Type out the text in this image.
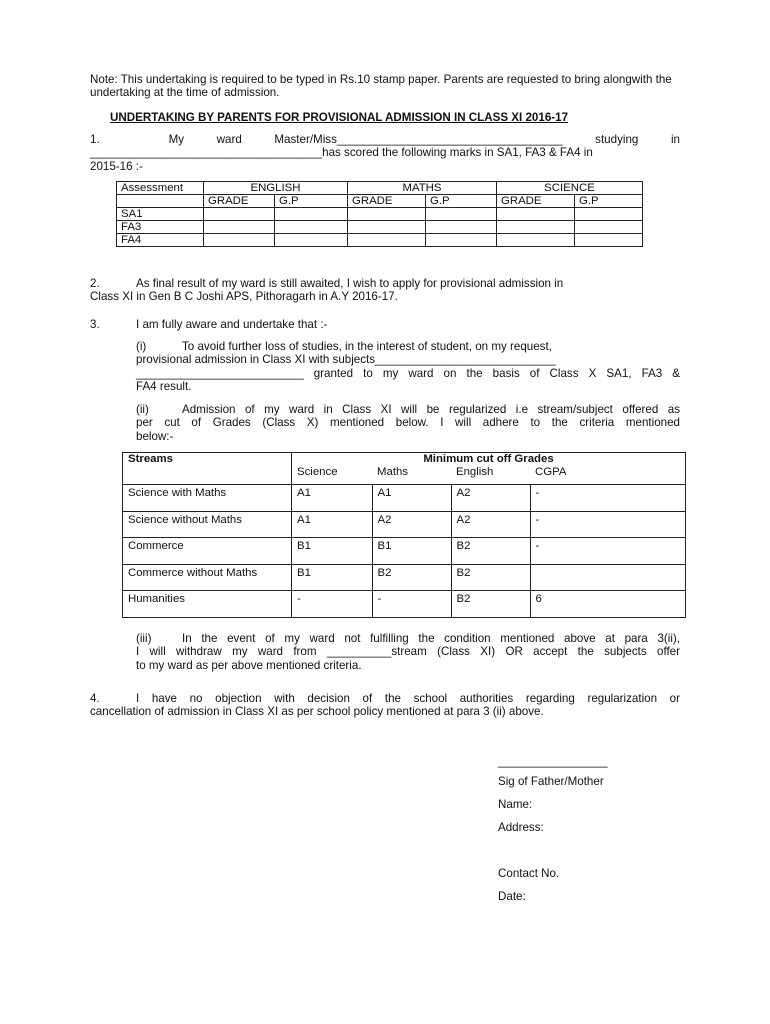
Note: This undertaking is required to be typed in Rs.10 stamp paper. Parents are requested to bring alongwith the undertaking at the time of admission.
UNDERTAKING BY PARENTS FOR PROVISIONAL ADMISSION IN CLASS XI 2016-17
1.	My	ward	Master/Miss___________________________________	studying	in
____________________________________has scored the following marks in SA1, FA3 & FA4 in
2015-16 :-
Assessment	ENGLISH		MATHS		SCIENCE	
	GRADE	G.P	GRADE	G.P	GRADE	G.P
SA1						
FA3						
FA4						
2.	As final result of my ward is still awaited, I wish to apply for provisional admission in
Class XI in Gen B C Joshi APS, Pithoragarh in A.Y 2016-17.
3.	I am fully aware and undertake that :-
(i)	To avoid further loss of studies, in the interest of student, on my request,
provisional admission in Class XI with subjects____________________________
__________________________ granted to my ward on the basis of Class X SA1, FA3 &
FA4 result.
(ii)	Admission of my ward in Class XI will be regularized i.e stream/subject offered as
per cut of Grades (Class X) mentioned below. I will adhere to the criteria mentioned
below:-
Streams	Minimum cut off Grades			
	Science	Maths	English	CGPA
Science with Maths	A1	A1	A2	-
Science without Maths	A1	A2	A2	-
Commerce	B1	B1	B2	-
Commerce without Maths	B1	B2	B2	
Humanities	-	-	B2	6
(iii)	In the event of my ward not fulfilling the condition mentioned above at para 3(ii),
I will withdraw my ward from __________stream (Class XI) OR accept the subjects offer
to my ward as per above mentioned criteria.
4.	I have no objection with decision of the school authorities regarding regularization or
cancellation of admission in Class XI as per school policy mentioned at para 3 (ii) above.
_________________
Sig of Father/Mother
Name:
Address:
Contact No.
Date:
